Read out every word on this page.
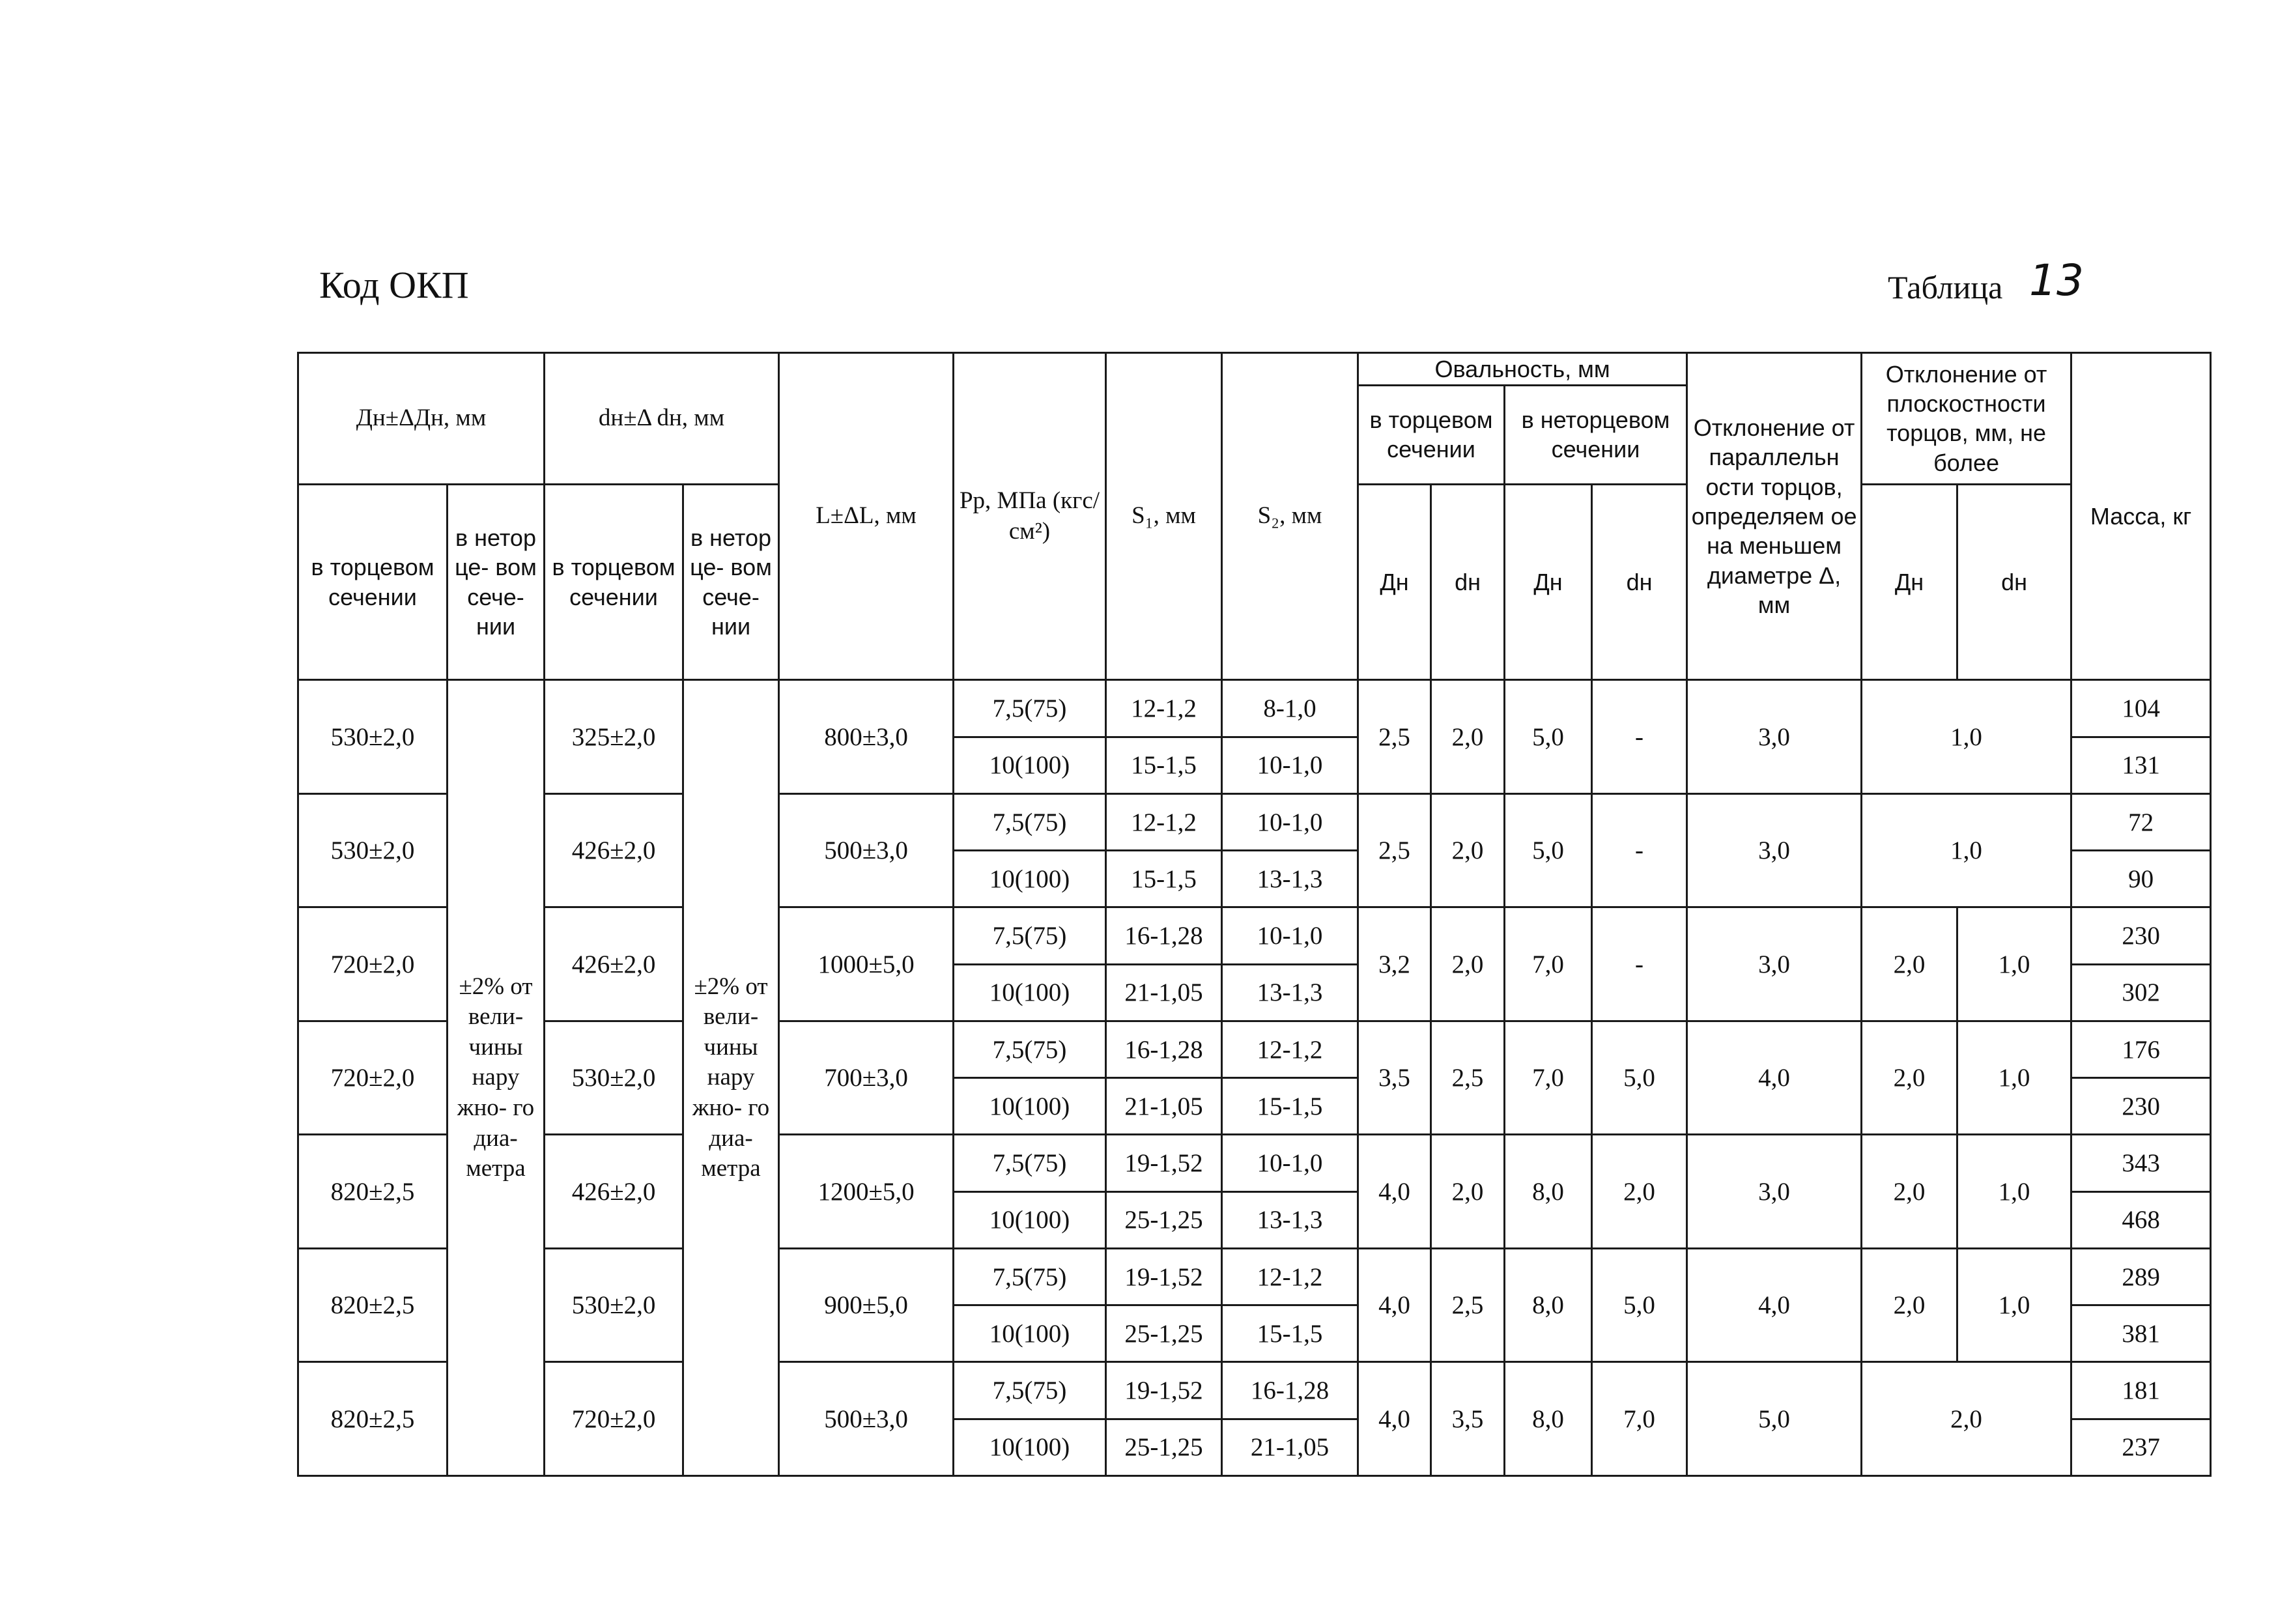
Код ОКП	Таблица 13
Дн±ΔДн, мм		dн±Δ dн, мм		L±ΔL, мм	Рр, МПа (кгс/см²)	S₁, мм	S₂, мм	Овальность, мм				Отклонение от параллельн ости торцов, определяем ое на меньшем диаметре Δ, мм	Отклонение от плоскостности торцов, мм, не более		Масса, кг
								в торцевом сечении		в неторцевом сечении					
в торцевом сечении	в нетор це- вом сече- нии	в торцевом сечении	в нетор це- вом сече- нии					Дн	dн	Дн	dн		Дн	dн	
530±2,0	±2% от вели- чины нару жно- го диа- метра	325±2,0	±2% от вели- чины нару жно- го диа- метра	800±3,0	7,5(75)	12-1,2	8-1,0	2,5	2,0	5,0	-	3,0	1,0		104
					10(100)	15-1,5	10-1,0								131
530±2,0		426±2,0		500±3,0	7,5(75)	12-1,2	10-1,0	2,5	2,0	5,0	-	3,0	1,0		72
					10(100)	15-1,5	13-1,3								90
720±2,0		426±2,0		1000±5,0	7,5(75)	16-1,28	10-1,0	3,2	2,0	7,0	-	3,0	2,0	1,0	230
					10(100)	21-1,05	13-1,3								302
720±2,0		530±2,0		700±3,0	7,5(75)	16-1,28	12-1,2	3,5	2,5	7,0	5,0	4,0	2,0	1,0	176
					10(100)	21-1,05	15-1,5								230
820±2,5		426±2,0		1200±5,0	7,5(75)	19-1,52	10-1,0	4,0	2,0	8,0	2,0	3,0	2,0	1,0	343
					10(100)	25-1,25	13-1,3								468
820±2,5		530±2,0		900±5,0	7,5(75)	19-1,52	12-1,2	4,0	2,5	8,0	5,0	4,0	2,0	1,0	289
					10(100)	25-1,25	15-1,5								381
820±2,5		720±2,0		500±3,0	7,5(75)	19-1,52	16-1,28	4,0	3,5	8,0	7,0	5,0	2,0		181
					10(100)	25-1,25	21-1,05								237
